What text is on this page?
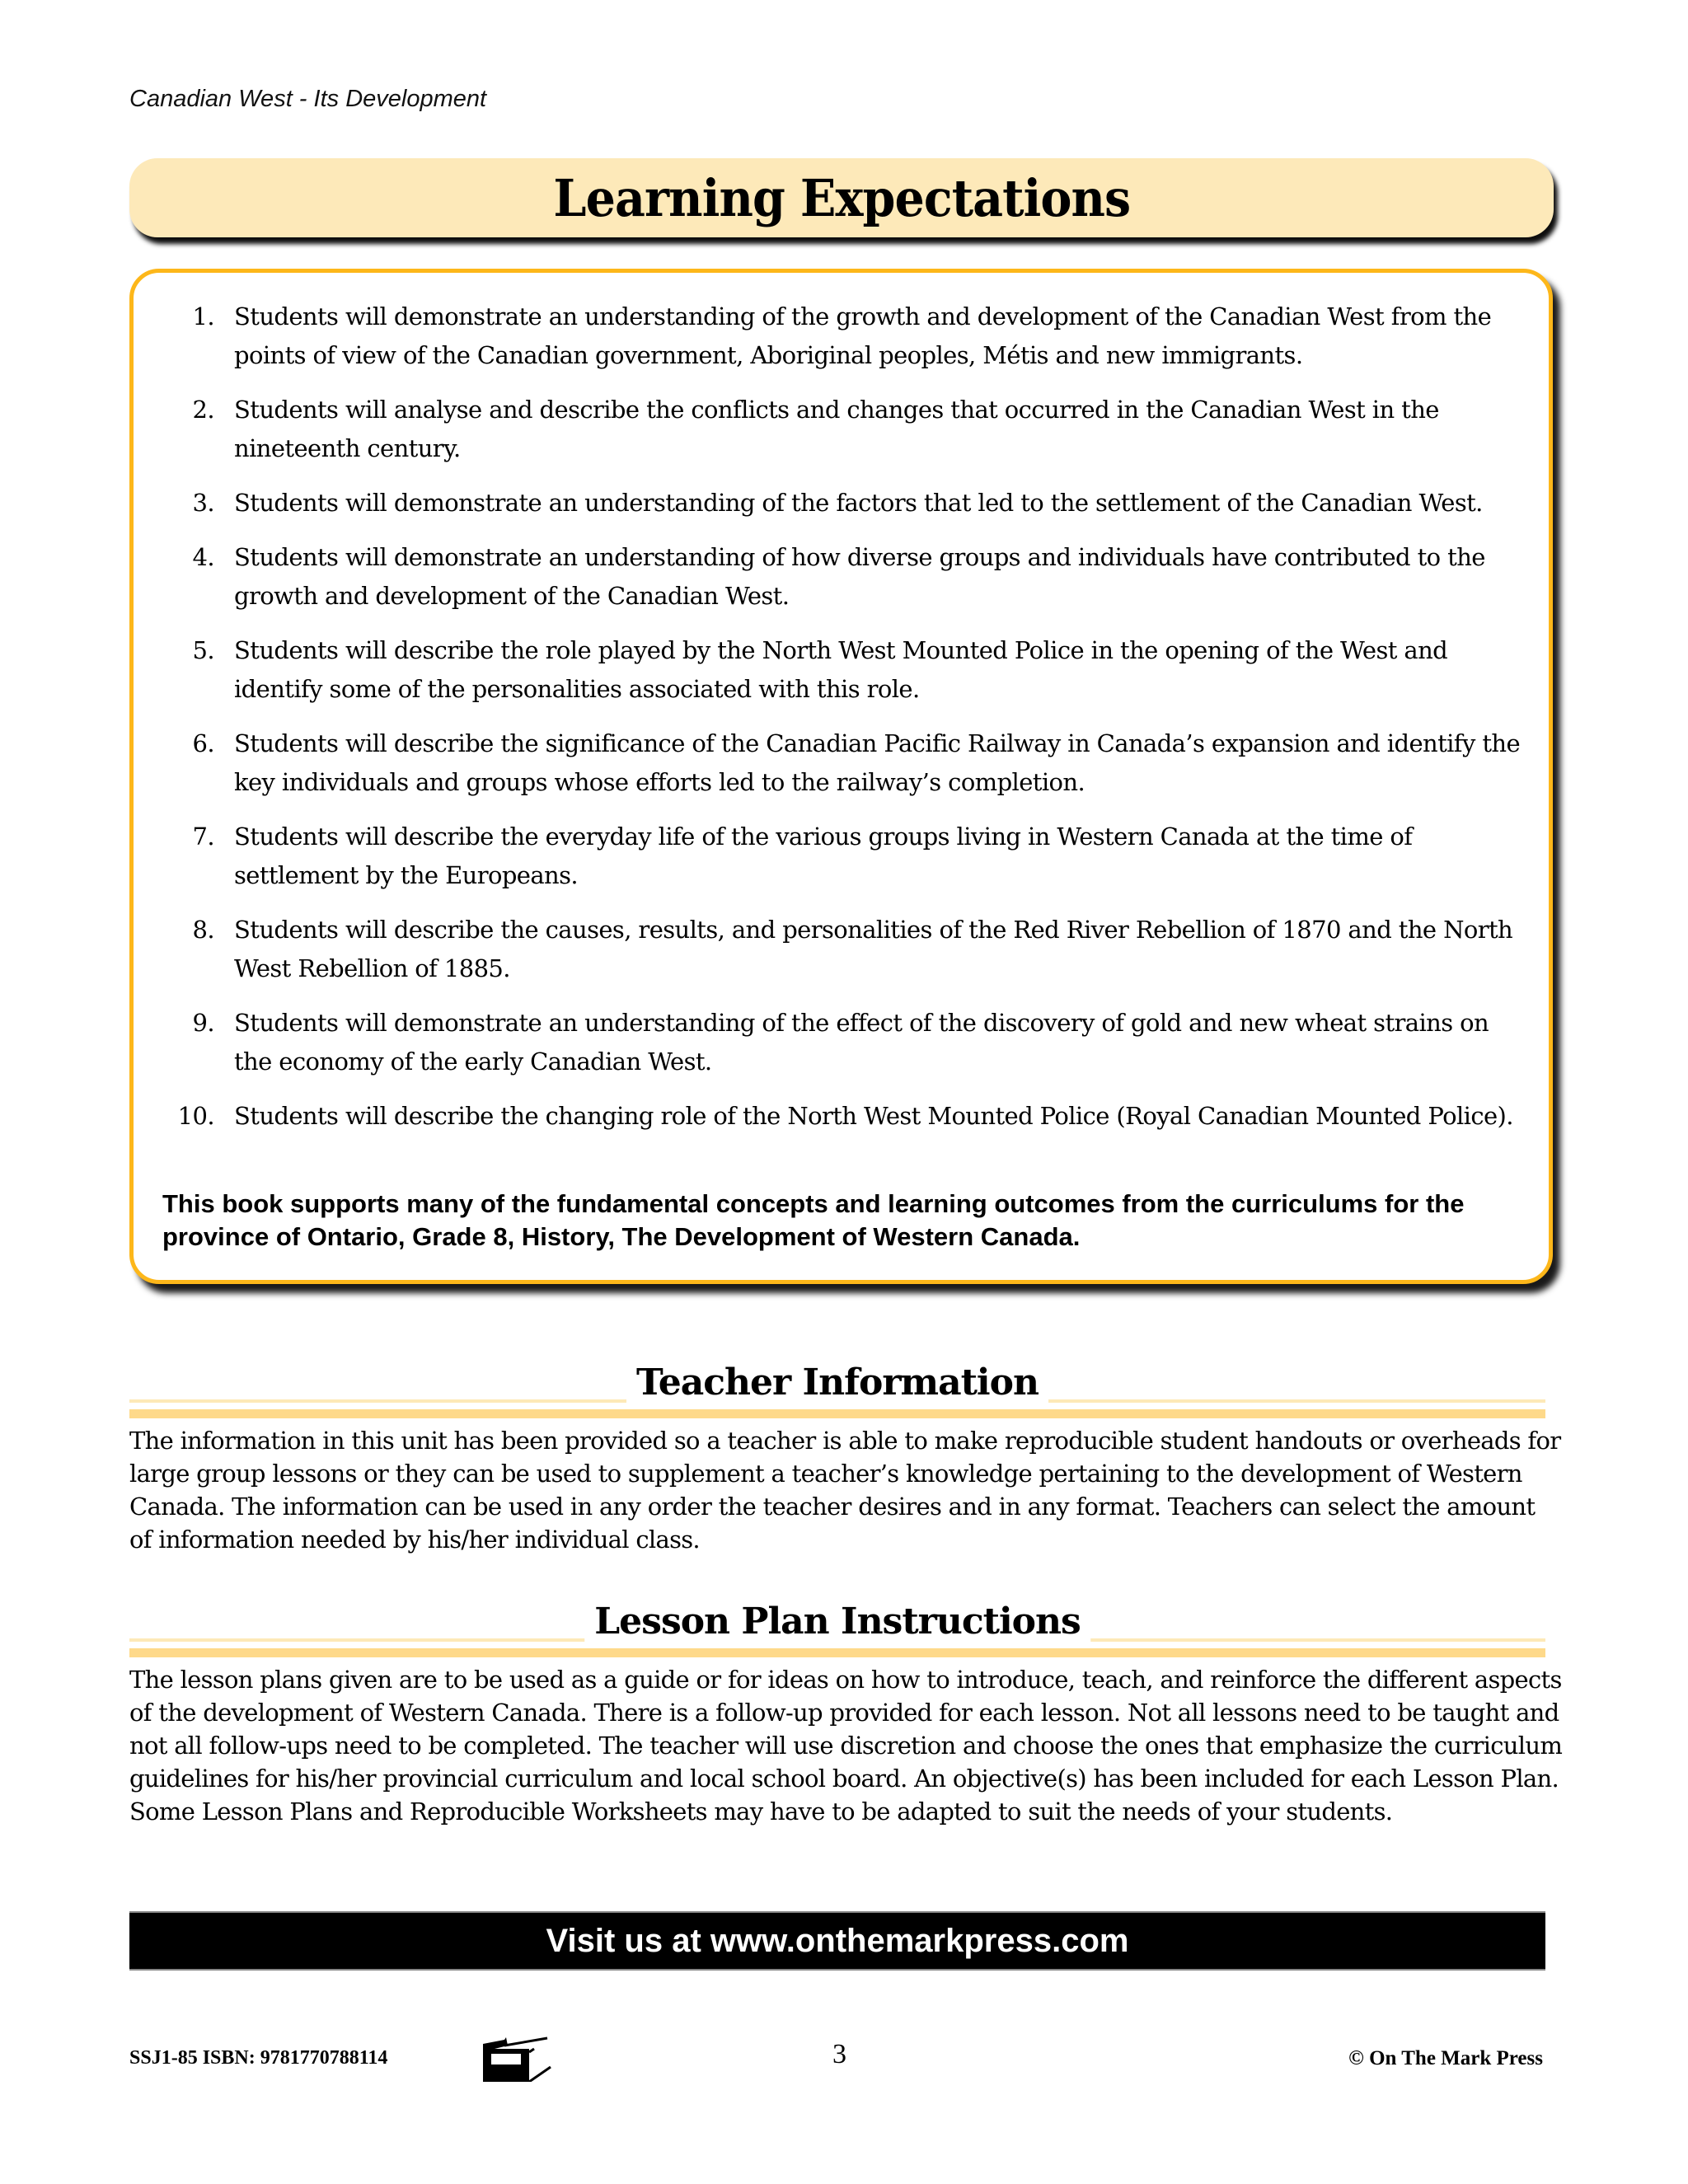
Canadian West - Its Development
Learning Expectations
1. Students will demonstrate an understanding of the growth and development of the Canadian West from the points of view of the Canadian government, Aboriginal peoples, Métis and new immigrants.
2. Students will analyse and describe the conflicts and changes that occurred in the Canadian West in the nineteenth century.
3. Students will demonstrate an understanding of the factors that led to the settlement of the Canadian West.
4. Students will demonstrate an understanding of how diverse groups and individuals have contributed to the growth and development of the Canadian West.
5. Students will describe the role played by the North West Mounted Police in the opening of the West and identify some of the personalities associated with this role.
6. Students will describe the significance of the Canadian Pacific Railway in Canada’s expansion and identify the key individuals and groups whose efforts led to the railway’s completion.
7. Students will describe the everyday life of the various groups living in Western Canada at the time of settlement by the Europeans.
8. Students will describe the causes, results, and personalities of the Red River Rebellion of 1870 and the North West Rebellion of 1885.
9. Students will demonstrate an understanding of the effect of the discovery of gold and new wheat strains on the economy of the early Canadian West.
10. Students will describe the changing role of the North West Mounted Police (Royal Canadian Mounted Police).
This book supports many of the fundamental concepts and learning outcomes from the curriculums for the province of Ontario, Grade 8, History, The Development of Western Canada.
Teacher Information

The information in this unit has been provided so a teacher is able to make reproducible student handouts or overheads for large group lessons or they can be used to supplement a teacher’s knowledge pertaining to the development of Western Canada. The information can be used in any order the teacher desires and in any format. Teachers can select the amount of information needed by his/her individual class.

Lesson Plan Instructions

The lesson plans given are to be used as a guide or for ideas on how to introduce, teach, and reinforce the different aspects of the development of Western Canada. There is a follow-up provided for each lesson. Not all lessons need to be taught and not all follow-ups need to be completed. The teacher will use discretion and choose the ones that emphasize the curriculum guidelines for his/her provincial curriculum and local school board. An objective(s) has been included for each Lesson Plan. Some Lesson Plans and Reproducible Worksheets may have to be adapted to suit the needs of your students.

Visit us at www.onthemarkpress.com
SSJ1-85 ISBN: 9781770788114	3	© On The Mark Press
